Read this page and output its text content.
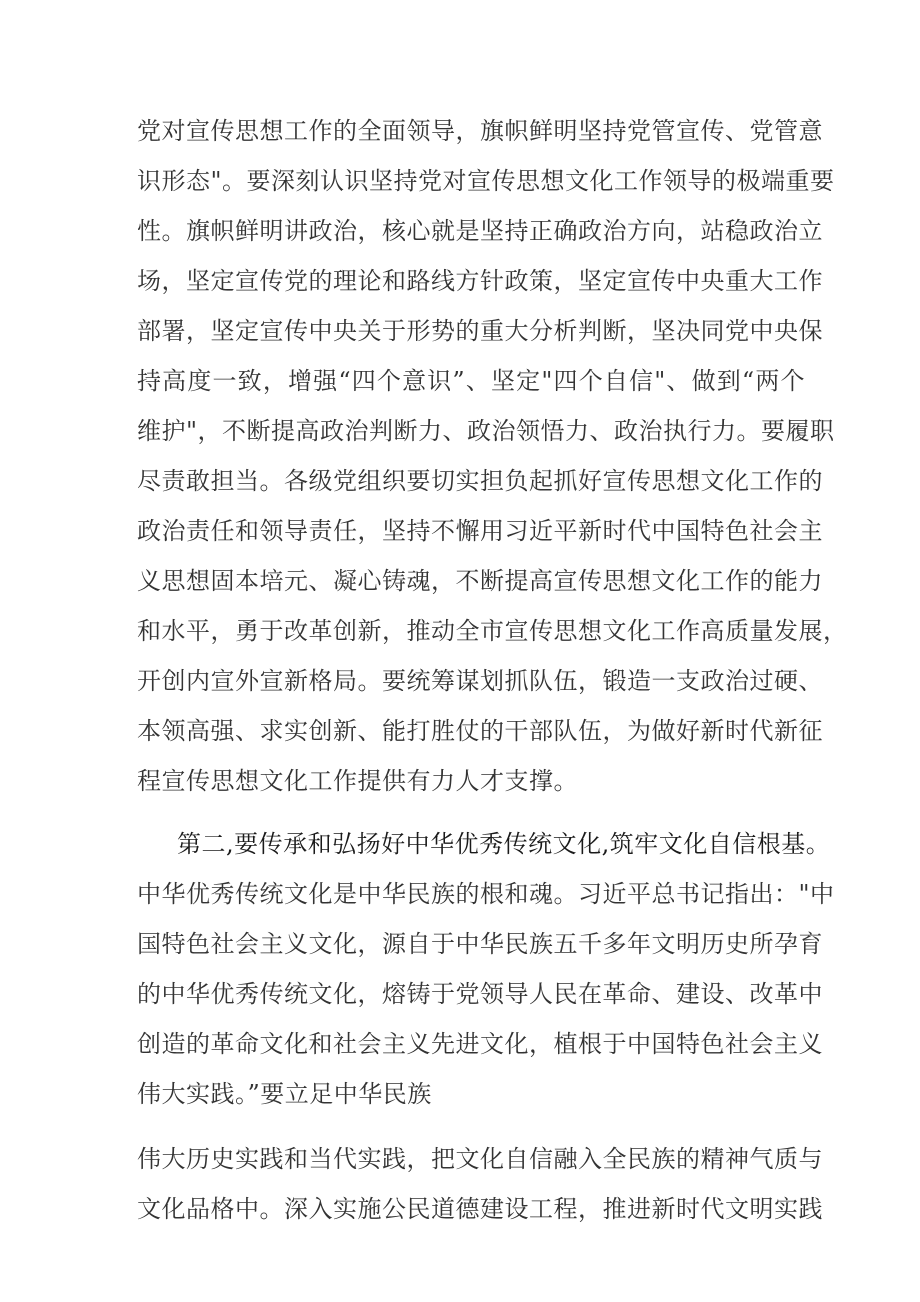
党对宣传思想工作的全面领导，旗帜鲜明坚持党管宣传、党管意
识形态"。要深刻认识坚持党对宣传思想文化工作领导的极端重要
性。旗帜鲜明讲政治，核心就是坚持正确政治方向，站稳政治立
场，坚定宣传党的理论和路线方针政策，坚定宣传中央重大工作
部署，坚定宣传中央关于形势的重大分析判断，坚决同党中央保
持高度一致，增强“四个意识”、坚定"四个自信"、做到“两个
维护"，不断提高政治判断力、政治领悟力、政治执行力。要履职
尽责敢担当。各级党组织要切实担负起抓好宣传思想文化工作的
政治责任和领导责任，坚持不懈用习近平新时代中国特色社会主
义思想固本培元、凝心铸魂，不断提高宣传思想文化工作的能力
和水平，勇于改革创新，推动全市宣传思想文化工作高质量发展，
开创内宣外宣新格局。要统筹谋划抓队伍，锻造一支政治过硬、
本领高强、求实创新、能打胜仗的干部队伍，为做好新时代新征
程宣传思想文化工作提供有力人才支撑。
第二,要传承和弘扬好中华优秀传统文化,筑牢文化自信根基。
中华优秀传统文化是中华民族的根和魂。习近平总书记指出："中
国特色社会主义文化，源自于中华民族五千多年文明历史所孕育
的中华优秀传统文化，熔铸于党领导人民在革命、建设、改革中
创造的革命文化和社会主义先进文化，植根于中国特色社会主义
伟大实践。”要立足中华民族
伟大历史实践和当代实践，把文化自信融入全民族的精神气质与
文化品格中。深入实施公民道德建设工程，推进新时代文明实践
